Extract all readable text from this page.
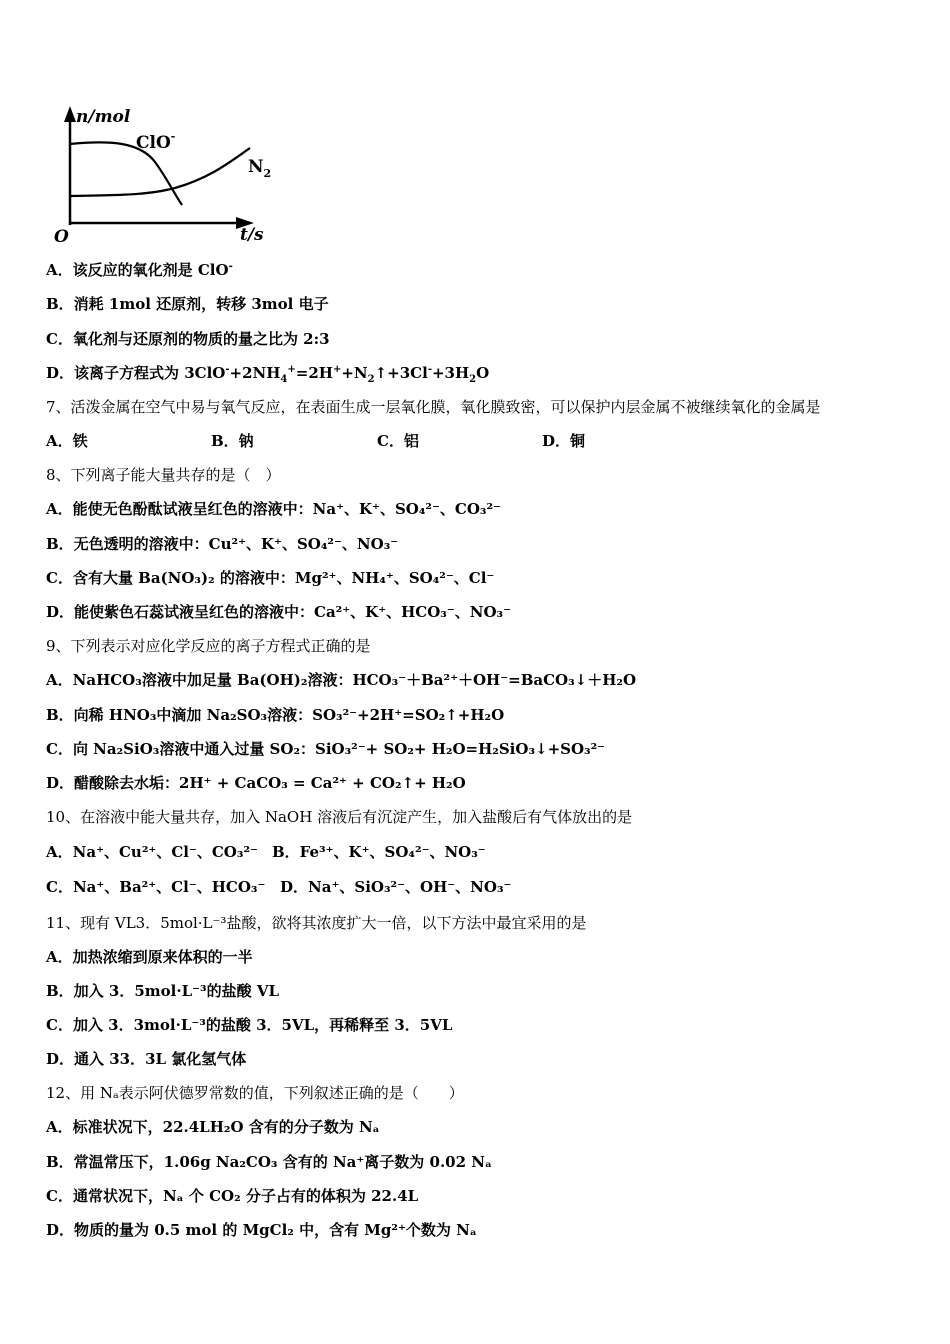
n/mol
ClO-
$N_2$
O	t/s
A．该反应的氧化剂是 ClO-
B．消耗 1mol 还原剂，转移 3mol 电子
C．氧化剂与还原剂的物质的量之比为 2:3
D．该离子方程式为 $3ClO^-+2NH_4^+=2H^++N_2↑+3Cl^-+3H_2O$
7、活泼金属在空气中易与氧气反应，在表面生成一层氧化膜，氧化膜致密，可以保护内层金属不被继续氧化的金属是
A．铁	B．钠	C．铝	D．铜
8、下列离子能大量共存的是（　）
A．能使无色酚酞试液呈红色的溶液中：Na⁺、K⁺、SO₄²⁻、CO₃²⁻
B．无色透明的溶液中：Cu²⁺、K⁺、SO₄²⁻、NO₃⁻
C．含有大量 Ba(NO₃)₂ 的溶液中：Mg²⁺、NH₄⁺、SO₄²⁻、Cl⁻
D．能使紫色石蕊试液呈红色的溶液中：Ca²⁺、K⁺、HCO₃⁻、NO₃⁻
9、下列表示对应化学反应的离子方程式正确的是
A．NaHCO₃溶液中加足量 Ba(OH)₂溶液：HCO₃⁻＋Ba²⁺＋OH⁻=BaCO₃↓＋H₂O
B．向稀 HNO₃中滴加 Na₂SO₃溶液：SO₃²⁻+2H⁺=SO₂↑+H₂O
C．向 Na₂SiO₃溶液中通入过量 SO₂：SiO₃²⁻+ SO₂+ H₂O=H₂SiO₃↓+SO₃²⁻
D．醋酸除去水垢：2H⁺ + CaCO₃ = Ca²⁺ + CO₂↑+ H₂O
10、在溶液中能大量共存，加入 NaOH 溶液后有沉淀产生，加入盐酸后有气体放出的是
A．Na⁺、Cu²⁺、Cl⁻、CO₃²⁻ B．Fe³⁺、K⁺、SO₄²⁻、NO₃⁻
C．Na⁺、Ba²⁺、Cl⁻、HCO₃⁻ D．Na⁺、SiO₃²⁻、OH⁻、NO₃⁻
11、现有 VL3．5mol·L⁻³盐酸，欲将其浓度扩大一倍，以下方法中最宜采用的是
A．加热浓缩到原来体积的一半
B．加入 3．5mol·L⁻³的盐酸 VL
C．加入 3．3mol·L⁻³的盐酸 3．5VL，再稀释至 3．5VL
D．通入 33．3L 氯化氢气体
12、用 Nₐ表示阿伏德罗常数的值，下列叙述正确的是（　　）
A．标准状况下，22.4LH₂O 含有的分子数为 Nₐ
B．常温常压下，1.06g Na₂CO₃ 含有的 Na⁺离子数为 0.02 Nₐ
C．通常状况下，Nₐ 个 CO₂ 分子占有的体积为 22.4L
D．物质的量为 0.5 mol 的 MgCl₂ 中，含有 Mg²⁺个数为 Nₐ
